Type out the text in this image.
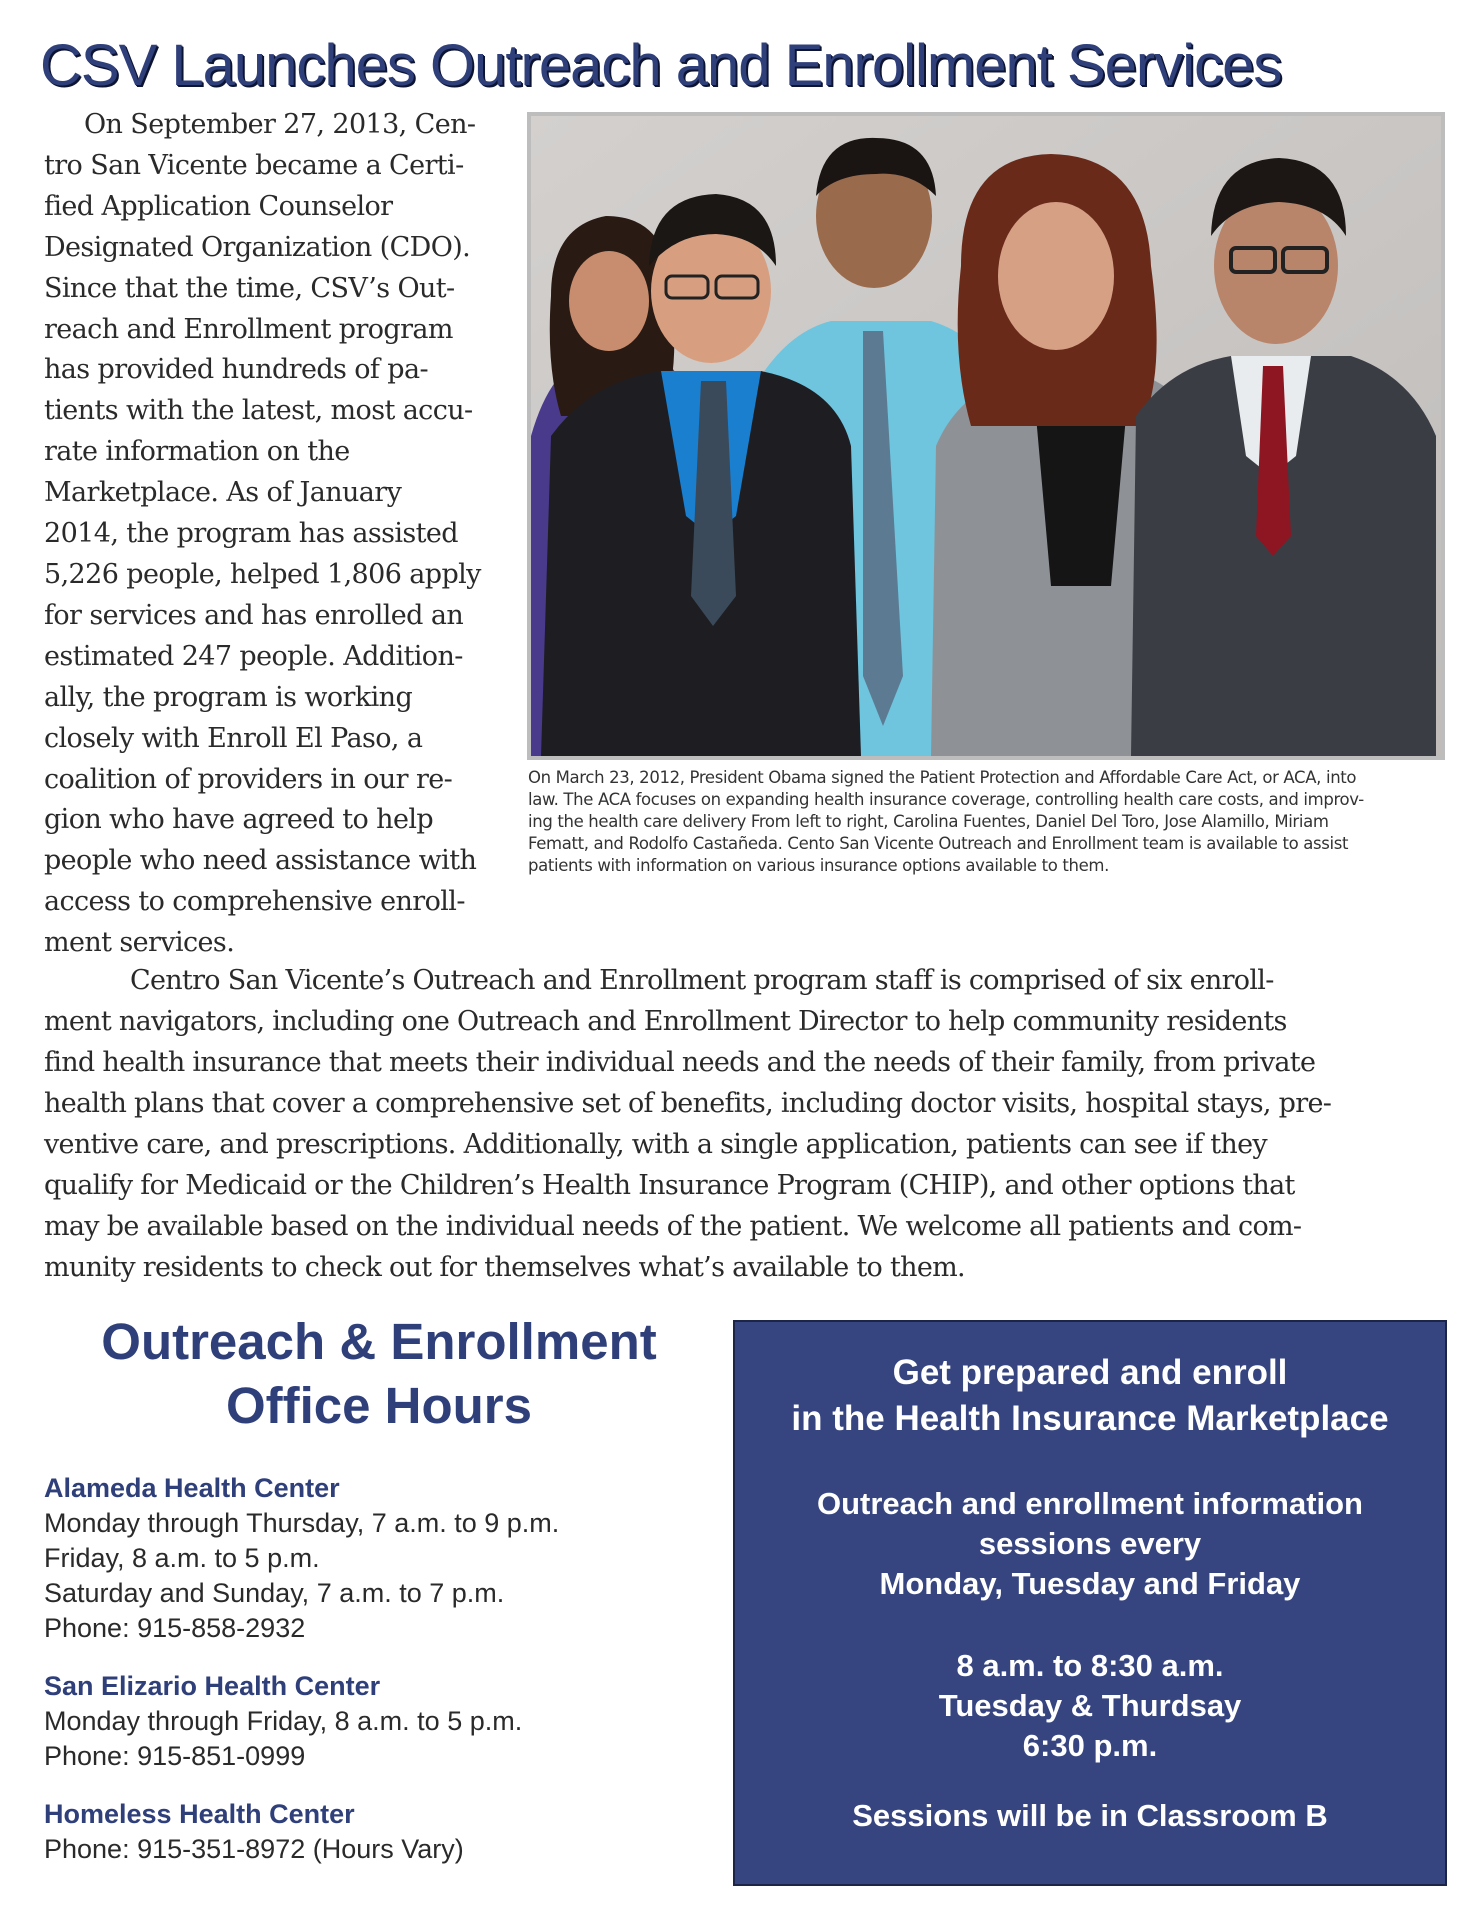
CSV Launches Outreach and Enrollment Services
On September 27, 2013, Cen-
tro San Vicente became a Certi-
fied Application Counselor
Designated Organization (CDO).
Since that the time, CSV’s Out-
reach and Enrollment program
has provided hundreds of pa-
tients with the latest, most accu-
rate information on the
Marketplace. As of January
2014, the program has assisted
5,226 people, helped 1,806 apply
for services and has enrolled an
estimated 247 people. Addition-
ally, the program is working
closely with Enroll El Paso, a
coalition of providers in our re-
gion who have agreed to help
people who need assistance with
access to comprehensive enroll-
ment services.
On March 23, 2012, President Obama signed the Patient Protection and Affordable Care Act, or ACA, into
law. The ACA focuses on expanding health insurance coverage, controlling health care costs, and improv-
ing the health care delivery From left to right, Carolina Fuentes, Daniel Del Toro, Jose Alamillo, Miriam
Fematt, and Rodolfo Castañeda. Cento San Vicente Outreach and Enrollment team is available to assist
patients with information on various insurance options available to them.
Centro San Vicente’s Outreach and Enrollment program staff is comprised of six enroll-
ment navigators, including one Outreach and Enrollment Director to help community residents
find health insurance that meets their individual needs and the needs of their family, from private
health plans that cover a comprehensive set of benefits, including doctor visits, hospital stays, pre-
ventive care, and prescriptions. Additionally, with a single application, patients can see if they
qualify for Medicaid or the Children’s Health Insurance Program (CHIP), and other options that
may be available based on the individual needs of the patient. We welcome all patients and com-
munity residents to check out for themselves what’s available to them.
Outreach & Enrollment
Office Hours
Alameda Health Center
Monday through Thursday, 7 a.m. to 9 p.m.
Friday, 8 a.m. to 5 p.m.
Saturday and Sunday, 7 a.m. to 7 p.m.
Phone: 915-858-2932
San Elizario Health Center
Monday through Friday, 8 a.m. to 5 p.m.
Phone: 915-851-0999
Homeless Health Center
Phone: 915-351-8972 (Hours Vary)
Get prepared and enroll
in the Health Insurance Marketplace
Outreach and enrollment information
sessions every
Monday, Tuesday and Friday
8 a.m. to 8:30 a.m.
Tuesday & Thurdsay
6:30 p.m.
Sessions will be in Classroom B
